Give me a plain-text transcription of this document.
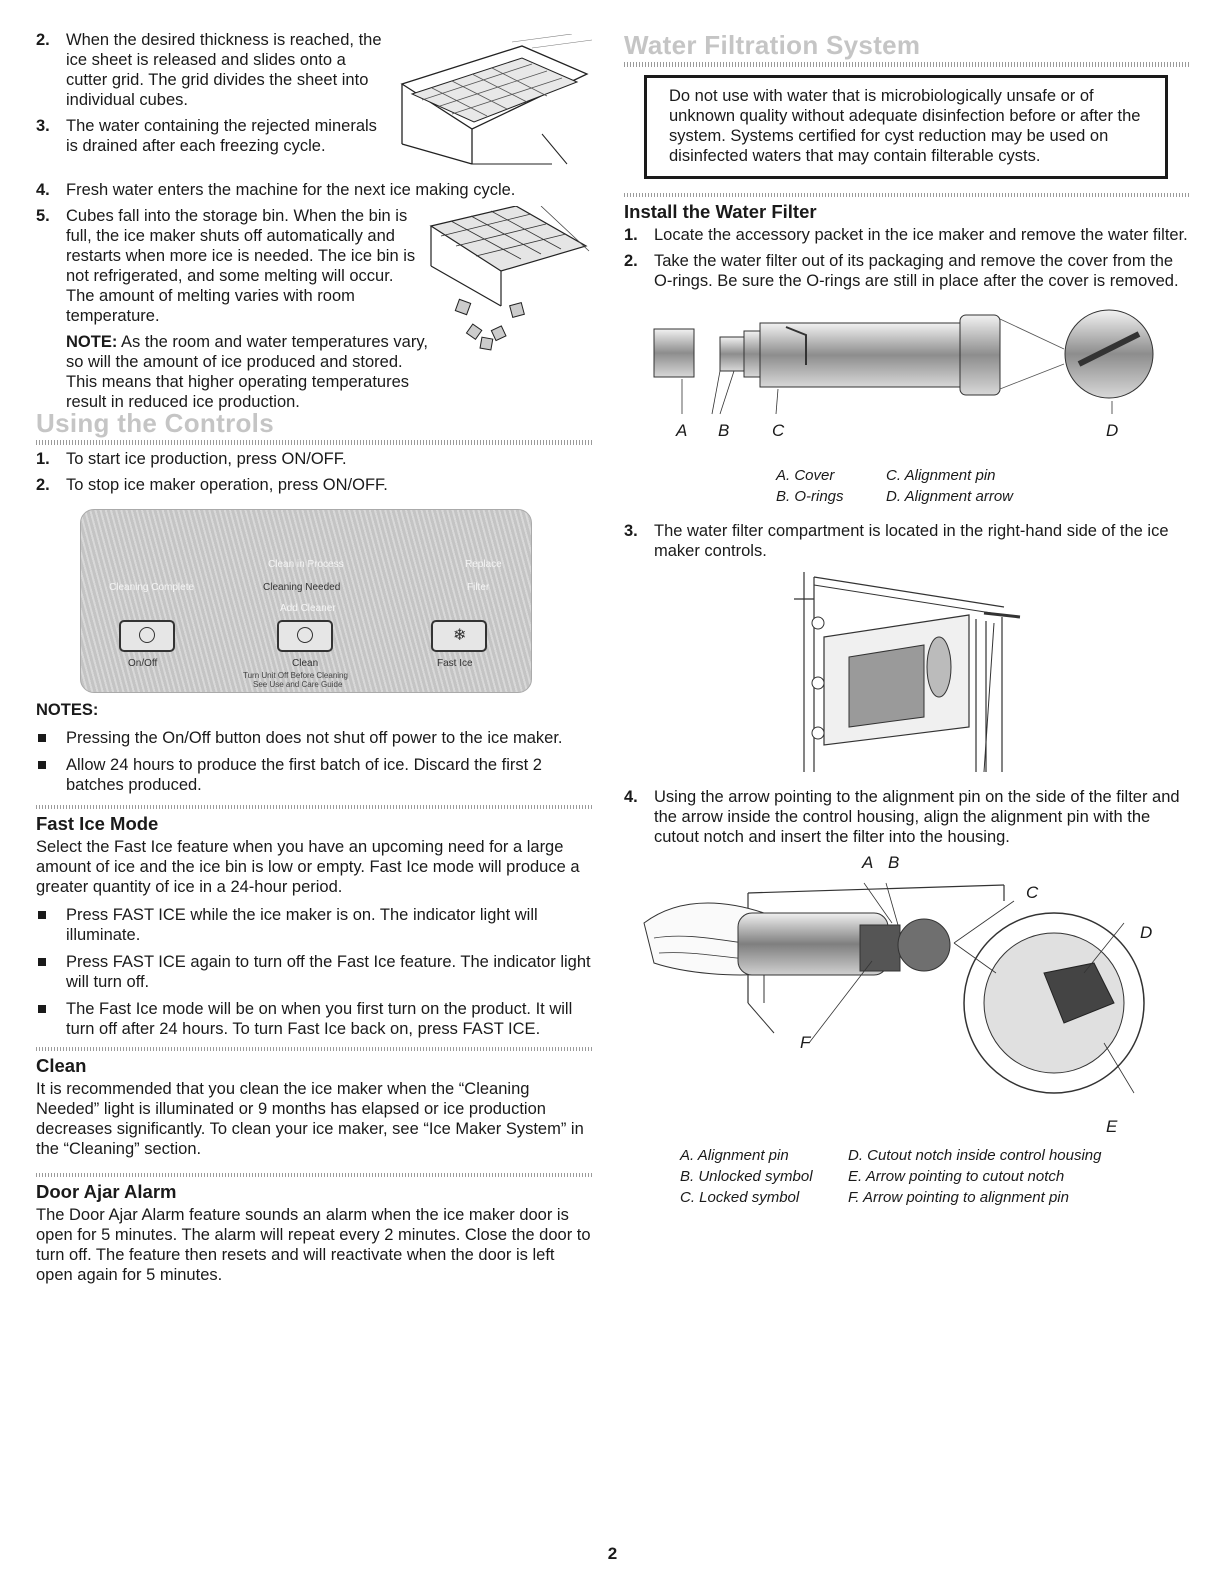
2. When the desired thickness is reached, the ice sheet is released and slides onto a cutter grid. The grid divides the sheet into individual cubes.
3. The water containing the rejected minerals is drained after each freezing cycle.
4. Fresh water enters the machine for the next ice making cycle.
5. Cubes fall into the storage bin. When the bin is full, the ice maker shuts off automatically and restarts when more ice is needed. The ice bin is not refrigerated, and some melting will occur. The amount of melting varies with room temperature.
NOTE: As the room and water temperatures vary, so will the amount of ice produced and stored. This means that higher operating temperatures result in reduced ice production.
Using the Controls
1. To start ice production, press ON/OFF.
2. To stop ice maker operation, press ON/OFF.
Clean in Process	Replace
Cleaning Complete	Cleaning Needed	Filter
Add Cleaner
❄
On/Off	Clean	Fast Ice
Turn Unit Off Before Cleaning
See Use and Care Guide
NOTES:
Pressing the On/Off button does not shut off power to the ice maker.
Allow 24 hours to produce the first batch of ice. Discard the first 2 batches produced.
Fast Ice Mode
Select the Fast Ice feature when you have an upcoming need for a large amount of ice and the ice bin is low or empty. Fast Ice mode will produce a greater quantity of ice in a 24-hour period.
Press FAST ICE while the ice maker is on. The indicator light will illuminate.
Press FAST ICE again to turn off the Fast Ice feature. The indicator light will turn off.
The Fast Ice mode will be on when you first turn on the product. It will turn off after 24 hours. To turn Fast Ice back on, press FAST ICE.
Clean
It is recommended that you clean the ice maker when the “Cleaning Needed” light is illuminated or 9 months has elapsed or ice production decreases significantly. To clean your ice maker, see “Ice Maker System” in the “Cleaning” section.
Door Ajar Alarm
The Door Ajar Alarm feature sounds an alarm when the ice maker door is open for 5 minutes. The alarm will repeat every 2 minutes. Close the door to turn off. The feature then resets and will reactivate when the door is left open again for 5 minutes.
Water Filtration System
Do not use with water that is microbiologically unsafe or of unknown quality without adequate disinfection before or after the system. Systems certified for cyst reduction may be used on disinfected waters that may contain filterable cysts.
Install the Water Filter
1. Locate the accessory packet in the ice maker and remove the water filter.
2. Take the water filter out of its packaging and remove the cover from the O-rings. Be sure the O-rings are still in place after the cover is removed.
A B	C	D
A. Cover
B. O-rings
C. Alignment pin
D. Alignment arrow
3. The water filter compartment is located in the right-hand side of the ice maker controls.
4. Using the arrow pointing to the alignment pin on the side of the filter and the arrow inside the control housing, align the alignment pin with the cutout notch and insert the filter into the housing.
A B
C
D
E
F
A. Alignment pin
B. Unlocked symbol
C. Locked symbol
D. Cutout notch inside control housing
E. Arrow pointing to cutout notch
F. Arrow pointing to alignment pin
2
